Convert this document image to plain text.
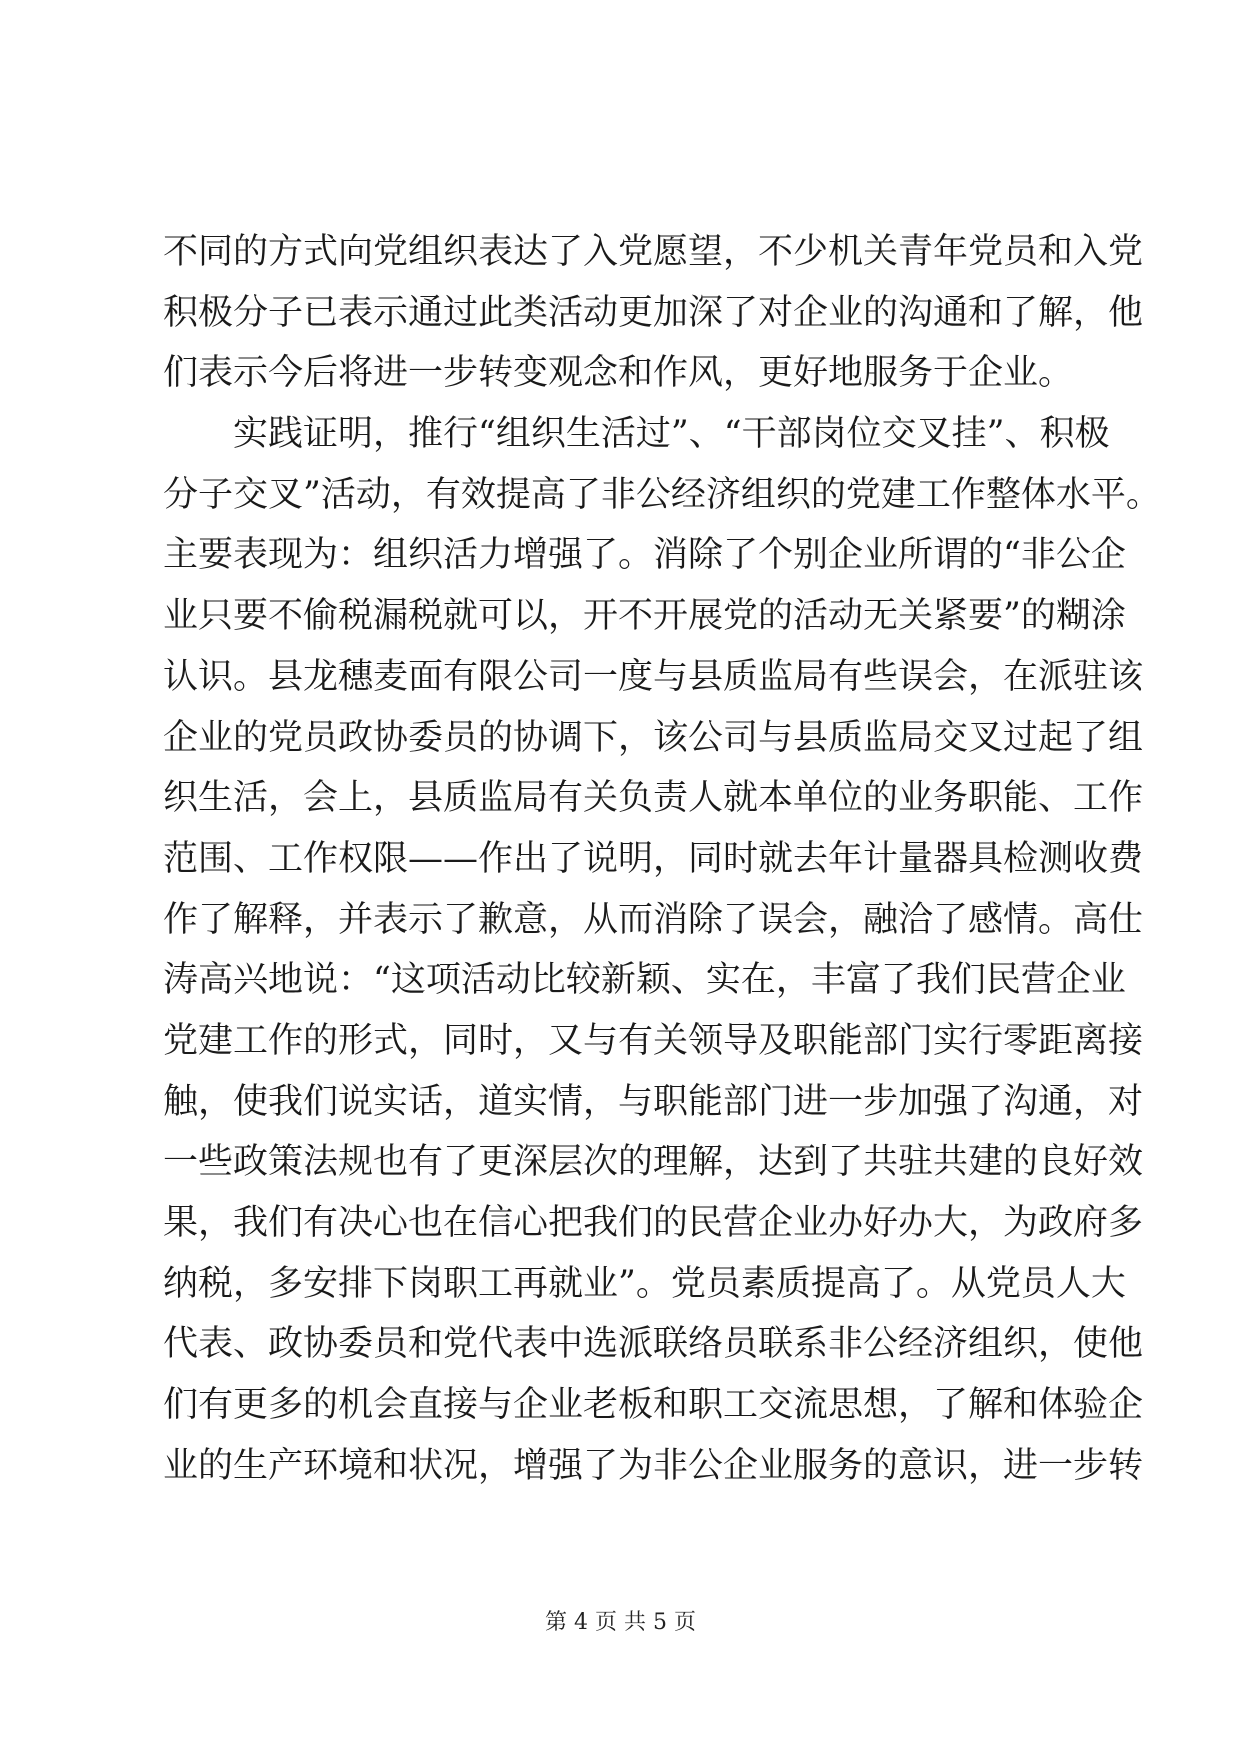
不同的方式向党组织表达了入党愿望，不少机关青年党员和入党
积极分子已表示通过此类活动更加深了对企业的沟通和了解，他
们表示今后将进一步转变观念和作风，更好地服务于企业。
实践证明，推行“组织生活过”、“干部岗位交叉挂”、积极
分子交叉”活动，有效提高了非公经济组织的党建工作整体水平。
主要表现为：组织活力增强了。消除了个别企业所谓的“非公企
业只要不偷税漏税就可以，开不开展党的活动无关紧要”的糊涂
认识。县龙穗麦面有限公司一度与县质监局有些误会，在派驻该
企业的党员政协委员的协调下，该公司与县质监局交叉过起了组
织生活，会上，县质监局有关负责人就本单位的业务职能、工作
范围、工作权限——作出了说明，同时就去年计量器具检测收费
作了解释，并表示了歉意，从而消除了误会，融洽了感情。高仕
涛高兴地说：“这项活动比较新颖、实在，丰富了我们民营企业
党建工作的形式，同时，又与有关领导及职能部门实行零距离接
触，使我们说实话，道实情，与职能部门进一步加强了沟通，对
一些政策法规也有了更深层次的理解，达到了共驻共建的良好效
果，我们有决心也在信心把我们的民营企业办好办大，为政府多
纳税，多安排下岗职工再就业”。党员素质提高了。从党员人大
代表、政协委员和党代表中选派联络员联系非公经济组织，使他
们有更多的机会直接与企业老板和职工交流思想，了解和体验企
业的生产环境和状况，增强了为非公企业服务的意识，进一步转
第 4 页 共 5 页
